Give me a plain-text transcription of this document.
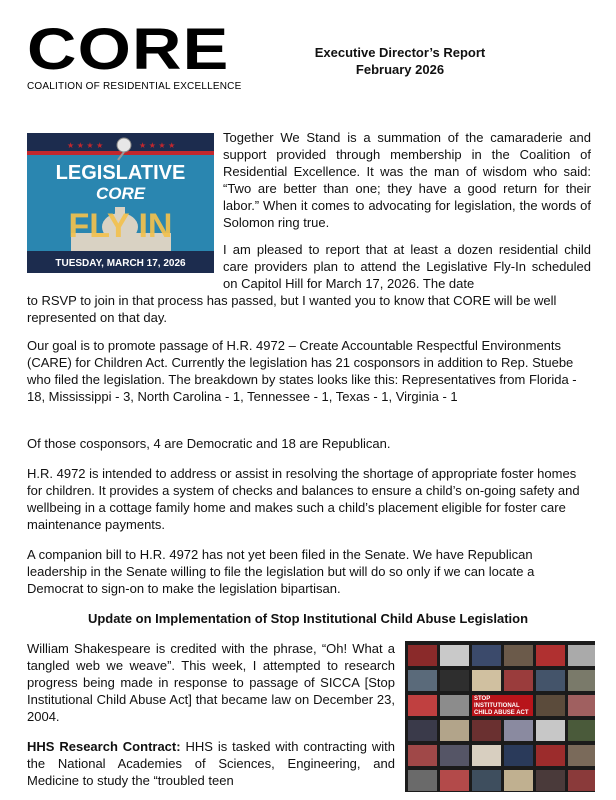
CORE
COALITION OF RESIDENTIAL EXCELLENCE
Executive Director’s Report
February 2026
★ ★ ★ ★	★ ★ ★ ★
LEGISLATIVE
CORE
FLY IN
TUESDAY, MARCH 17, 2026
Together We Stand is a summation of the camaraderie and support provided through membership in the Coalition of Residential Excellence. It was the man of wisdom who said: “Two are better than one; they have a good return for their labor.” When it comes to advocating for legislation, the words of Solomon ring true.
I am pleased to report that at least a dozen residential child care providers plan to attend the Legislative Fly-In scheduled on Capitol Hill for March 17, 2026. The date
to RSVP to join in that process has passed, but I wanted you to know that CORE will be well represented on that day.
Our goal is to promote passage of H.R. 4972 – Create Accountable Respectful Environments (CARE) for Children Act. Currently the legislation has 21 cosponsors in addition to Rep. Stuebe who filed the legislation. The breakdown by states looks like this: Representatives from Florida - 18, Mississippi - 3, North Carolina - 1, Tennessee - 1, Texas - 1, Virginia - 1
Of those cosponsors, 4 are Democratic and 18 are Republican.
H.R. 4972 is intended to address or assist in resolving the shortage of appropriate foster homes for children. It provides a system of checks and balances to ensure a child’s on-going safety and wellbeing in a cottage family home and makes such a child’s placement eligible for foster care maintenance payments.
A companion bill to H.R. 4972 has not yet been filed in the Senate. We have Republican leadership in the Senate willing to file the legislation but will do so only if we can locate a Democrat to sign-on to make the legislation bipartisan.
Update on Implementation of Stop Institutional Child Abuse Legislation
William Shakespeare is credited with the phrase, “Oh! What a tangled web we weave”. This week, I attempted to research progress being made in response to passage of SICCA [Stop Institutional Child Abuse Act] that became law on December 23, 2004.
HHS Research Contract: HHS is tasked with contracting with the National Academies of Sciences, Engineering, and Medicine to study the “troubled teen
STOP INSTITUTIONAL CHILD ABUSE ACT
